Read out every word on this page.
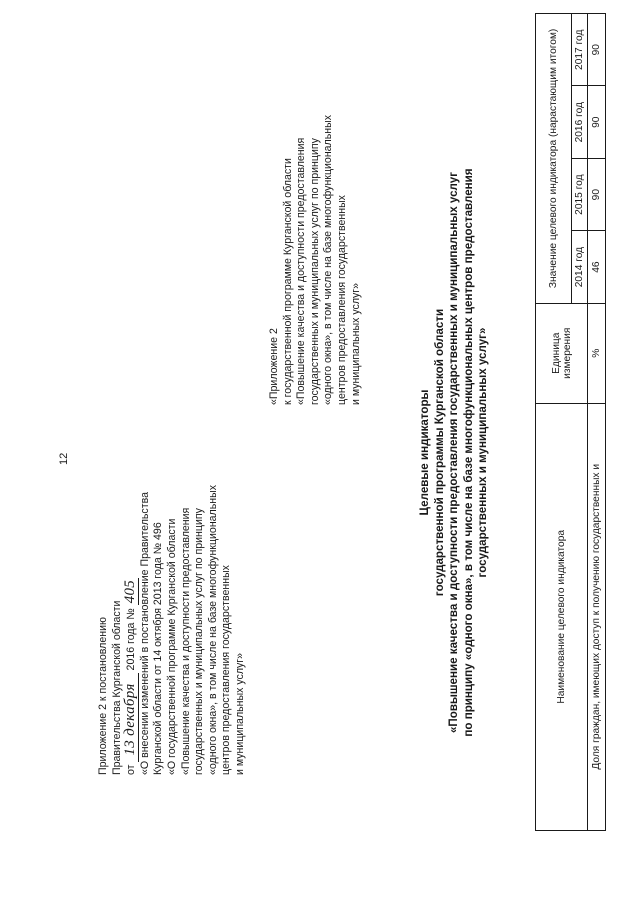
12
Приложение 2 к постановлению Правительства Курганской области от 13 декабря 2016 года № 405 «О внесении изменений в постановление Правительства Курганской области от 14 октября 2013 года № 496 «О государственной программе Курганской области «Повышение качества и доступности предоставления государственных и муниципальных услуг по принципу «одного окна», в том числе на базе многофункциональных центров предоставления государственных и муниципальных услуг»
«Приложение 2 к государственной программе Курганской области «Повышение качества и доступности предоставления государственных и муниципальных услуг по принципу «одного окна», в том числе на базе многофункциональных центров предоставления государственных и муниципальных услуг»
Целевые индикаторы государственной программы Курганской области «Повышение качества и доступности предоставления государственных и муниципальных услуг по принципу «одного окна», в том числе на базе многофункциональных центров предоставления государственных и муниципальных услуг»
Наименование целевого индикатора	Единица измерения	Значение целевого индикатора (нарастающим итогом)			
		2014 год	2015 год	2016 год	2017 год
Доля граждан, имеющих доступ к получению государственных и	%	46	90	90	90
